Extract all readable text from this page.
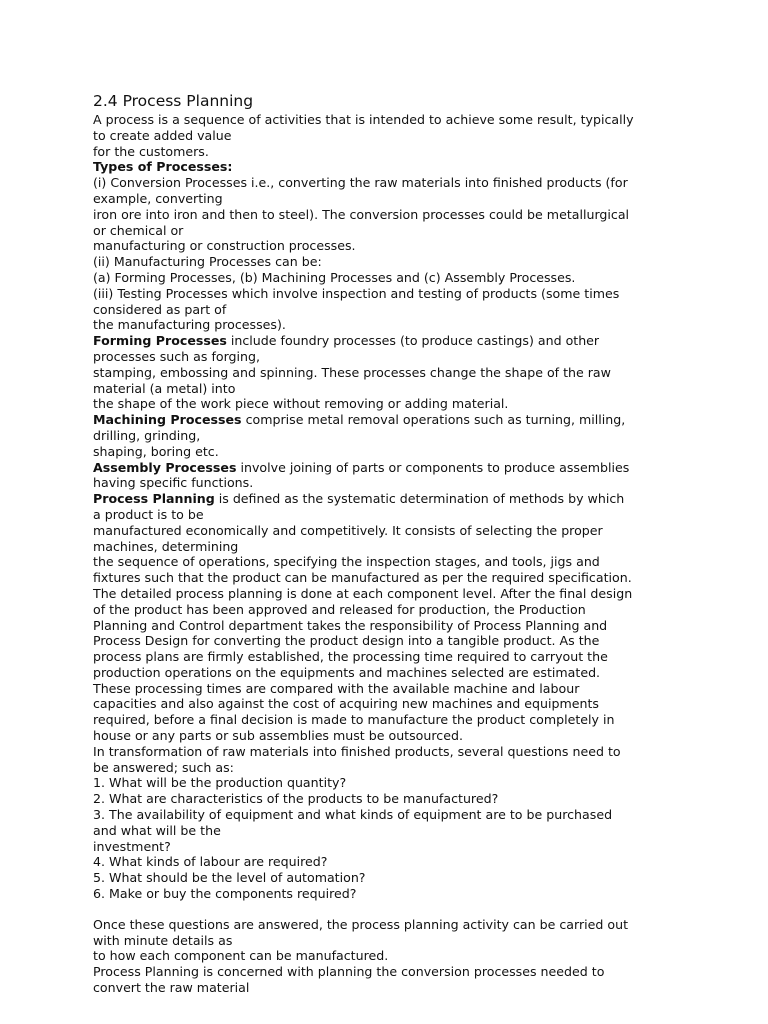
2.4 Process Planning
A process is a sequence of activities that is intended to achieve some result, typically
to create added value
for the customers.
Types of Processes:
(i) Conversion Processes i.e., converting the raw materials into finished products (for
example, converting
iron ore into iron and then to steel). The conversion processes could be metallurgical
or chemical or
manufacturing or construction processes.
(ii) Manufacturing Processes can be:
(a) Forming Processes, (b) Machining Processes and (c) Assembly Processes.
(iii) Testing Processes which involve inspection and testing of products (some times
considered as part of
the manufacturing processes).
Forming Processes include foundry processes (to produce castings) and other
processes such as forging,
stamping, embossing and spinning. These processes change the shape of the raw
material (a metal) into
the shape of the work piece without removing or adding material.
Machining Processes comprise metal removal operations such as turning, milling,
drilling, grinding,
shaping, boring etc.
Assembly Processes involve joining of parts or components to produce assemblies
having specific functions.
Process Planning is defined as the systematic determination of methods by which
a product is to be
manufactured economically and competitively. It consists of selecting the proper
machines, determining
the sequence of operations, specifying the inspection stages, and tools, jigs and
fixtures such that the product can be manufactured as per the required specification.
The detailed process planning is done at each component level. After the final design
of the product has been approved and released for production, the Production
Planning and Control department takes the responsibility of Process Planning and
Process Design for converting the product design into a tangible product. As the
process plans are firmly established, the processing time required to carryout the
production operations on the equipments and machines selected are estimated.
These processing times are compared with the available machine and labour
capacities and also against the cost of acquiring new machines and equipments
required, before a final decision is made to manufacture the product completely in
house or any parts or sub assemblies must be outsourced.
In transformation of raw materials into finished products, several questions need to
be answered; such as:
1. What will be the production quantity?
2. What are characteristics of the products to be manufactured?
3. The availability of equipment and what kinds of equipment are to be purchased
and what will be the
investment?
4. What kinds of labour are required?
5. What should be the level of automation?
6. Make or buy the components required?
Once these questions are answered, the process planning activity can be carried out
with minute details as
to how each component can be manufactured.
Process Planning is concerned with planning the conversion processes needed to
convert the raw material
